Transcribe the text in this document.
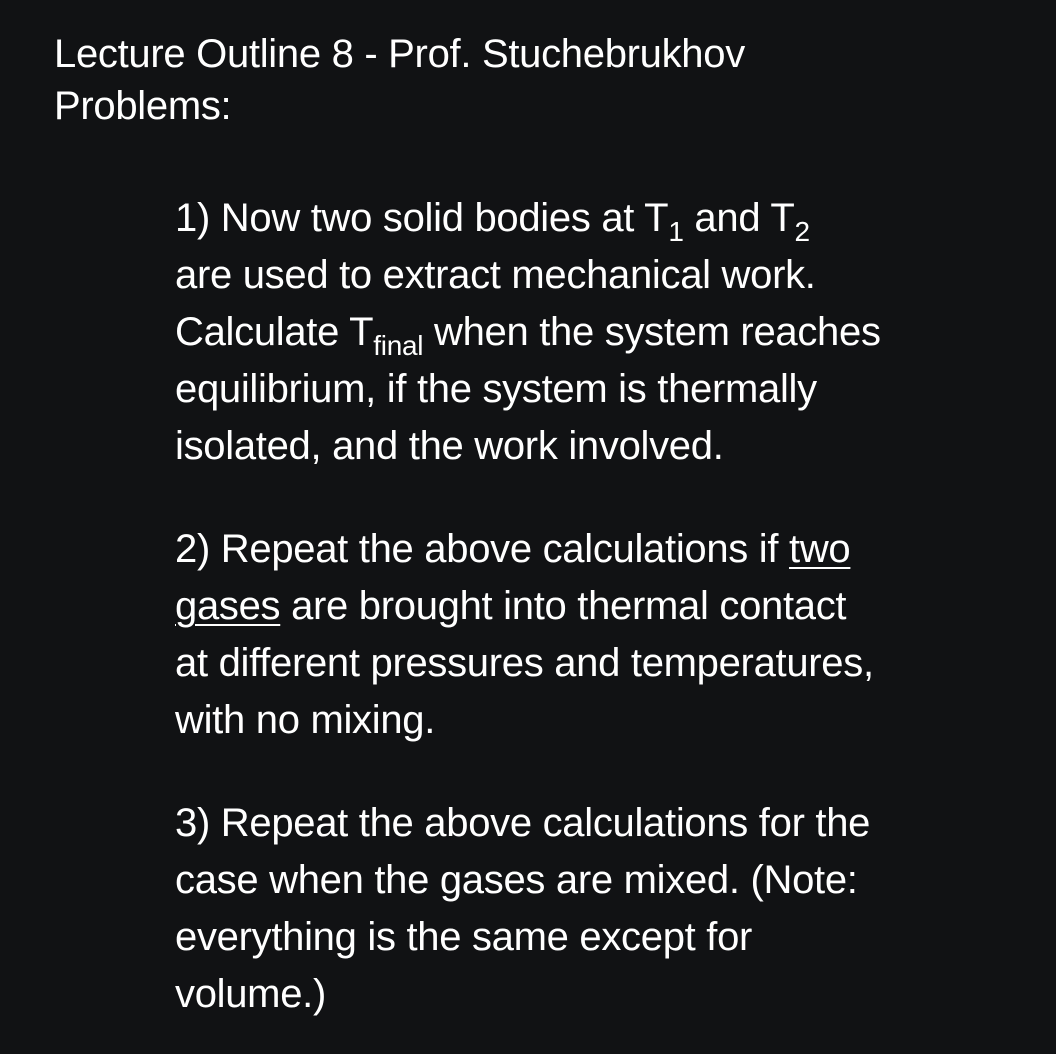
Lecture Outline 8 - Prof. Stuchebrukhov
Problems:
1) Now two solid bodies at $T_1$ and $T_2$
are used to extract mechanical work.
Calculate $T_{final}$ when the system reaches
equilibrium, if the system is thermally
isolated, and the work involved.
2) Repeat the above calculations if two
gases are brought into thermal contact
at different pressures and temperatures,
with no mixing.
3) Repeat the above calculations for the
case when the gases are mixed. (Note:
everything is the same except for
volume.)
